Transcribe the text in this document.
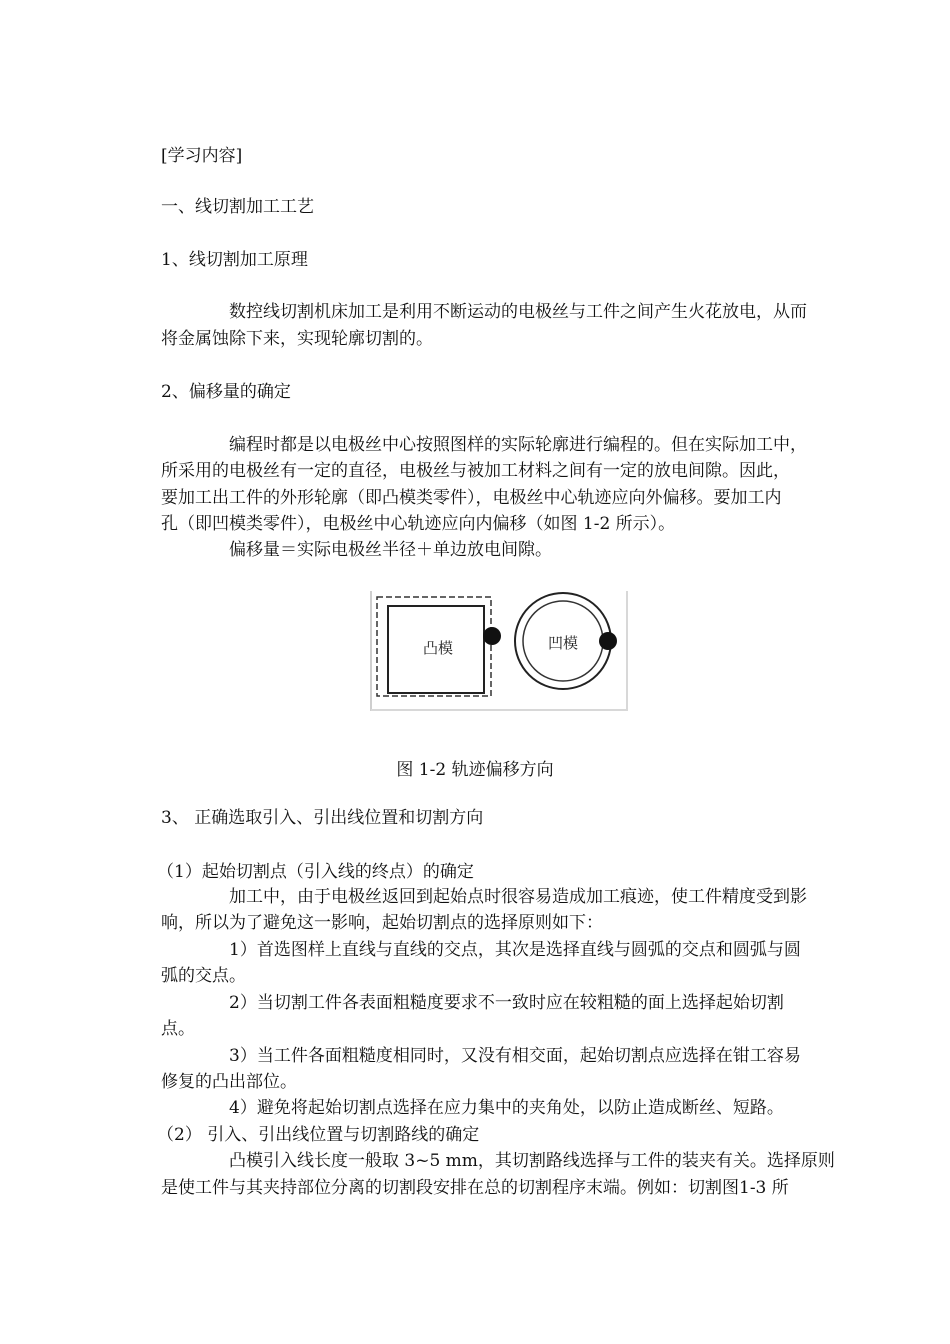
[学习内容]
一、线切割加工工艺
1、线切割加工原理
数控线切割机床加工是利用不断运动的电极丝与工件之间产生火花放电，从而
将金属蚀除下来，实现轮廓切割的。
2、偏移量的确定
编程时都是以电极丝中心按照图样的实际轮廓进行编程的。但在实际加工中，
所采用的电极丝有一定的直径，电极丝与被加工材料之间有一定的放电间隙。因此，
要加工出工件的外形轮廓（即凸模类零件），电极丝中心轨迹应向外偏移。要加工内
孔（即凹模类零件），电极丝中心轨迹应向内偏移（如图 1-2 所示）。
偏移量＝实际电极丝半径＋单边放电间隙。
凸模	凹模
图 1-2 轨迹偏移方向
3、 正确选取引入、引出线位置和切割方向
（1）起始切割点（引入线的终点）的确定
加工中，由于电极丝返回到起始点时很容易造成加工痕迹，使工件精度受到影
响，所以为了避免这一影响，起始切割点的选择原则如下：
1）首选图样上直线与直线的交点，其次是选择直线与圆弧的交点和圆弧与圆
弧的交点。
2）当切割工件各表面粗糙度要求不一致时应在较粗糙的面上选择起始切割
点。
3）当工件各面粗糙度相同时，又没有相交面，起始切割点应选择在钳工容易
修复的凸出部位。
4）避免将起始切割点选择在应力集中的夹角处，以防止造成断丝、短路。
（2） 引入、引出线位置与切割路线的确定
凸模引入线长度一般取 3~5 mm，其切割路线选择与工件的装夹有关。选择原则
是使工件与其夹持部位分离的切割段安排在总的切割程序末端。例如：切割图1-3 所
